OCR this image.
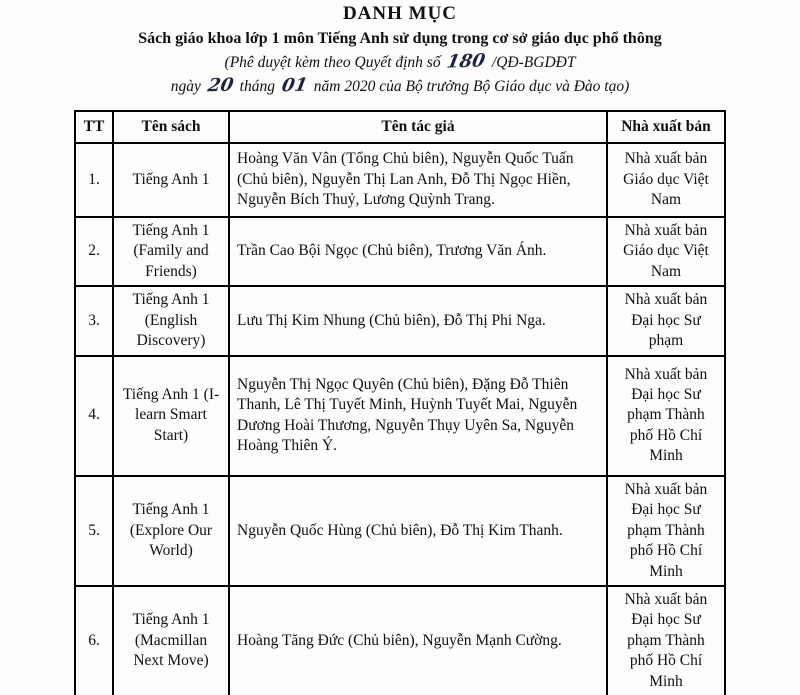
DANH MỤC
Sách giáo khoa lớp 1 môn Tiếng Anh sử dụng trong cơ sở giáo dục phổ thông
(Phê duyệt kèm theo Quyết định số 180 /QĐ-BGDĐT
ngày 20 tháng 01 năm 2020 của Bộ trưởng Bộ Giáo dục và Đào tạo)
TT	Tên sách	Tên tác giả	Nhà xuất bản
1.	Tiếng Anh 1	Hoàng Văn Vân (Tổng Chủ biên), Nguyễn Quốc Tuấn (Chủ biên), Nguyễn Thị Lan Anh, Đỗ Thị Ngọc Hiền, Nguyễn Bích Thuỷ, Lương Quỳnh Trang.	Nhà xuất bản Giáo dục Việt Nam
2.	Tiếng Anh 1 (Family and Friends)	Trần Cao Bội Ngọc (Chủ biên), Trương Văn Ánh.	Nhà xuất bản Giáo dục Việt Nam
3.	Tiếng Anh 1 (English Discovery)	Lưu Thị Kim Nhung (Chủ biên), Đỗ Thị Phi Nga.	Nhà xuất bản Đại học Sư phạm
4.	Tiếng Anh 1 (I-learn Smart Start)	Nguyễn Thị Ngọc Quyên (Chủ biên), Đặng Đỗ Thiên Thanh, Lê Thị Tuyết Minh, Huỳnh Tuyết Mai, Nguyễn Dương Hoài Thương, Nguyễn Thụy Uyên Sa, Nguyễn Hoàng Thiên Ý.	Nhà xuất bản Đại học Sư phạm Thành phố Hồ Chí Minh
5.	Tiếng Anh 1 (Explore Our World)	Nguyễn Quốc Hùng (Chủ biên), Đỗ Thị Kim Thanh.	Nhà xuất bản Đại học Sư phạm Thành phố Hồ Chí Minh
6.	Tiếng Anh 1 (Macmillan Next Move)	Hoàng Tăng Đức (Chủ biên), Nguyễn Mạnh Cường.	Nhà xuất bản Đại học Sư phạm Thành phố Hồ Chí Minh
